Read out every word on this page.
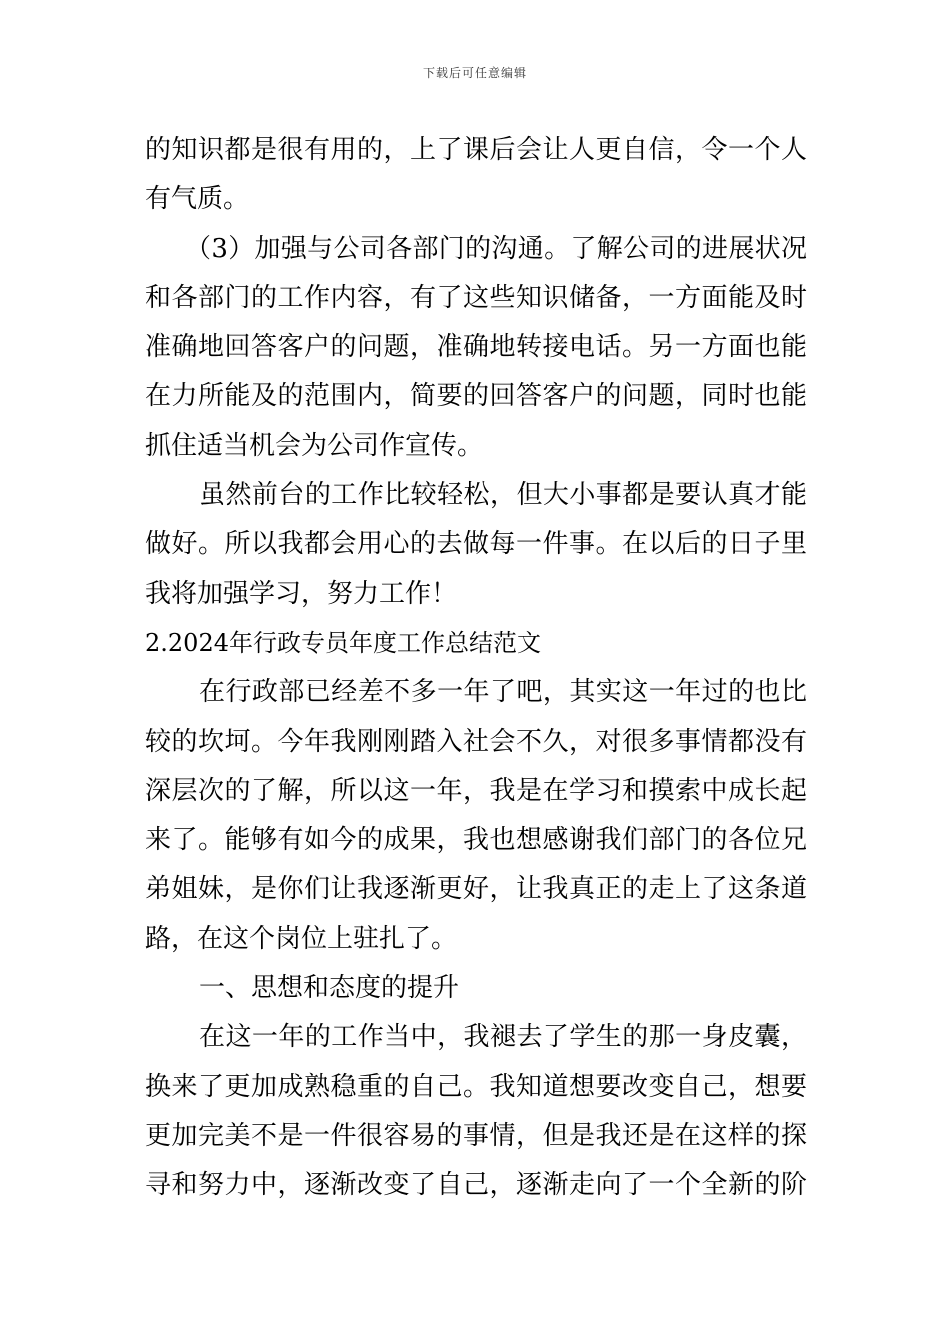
下载后可任意编辑
的知识都是很有用的，上了课后会让人更自信，令一个人
有气质。
（3）加强与公司各部门的沟通。了解公司的进展状况
和各部门的工作内容，有了这些知识储备，一方面能及时
准确地回答客户的问题，准确地转接电话。另一方面也能
在力所能及的范围内，简要的回答客户的问题，同时也能
抓住适当机会为公司作宣传。
虽然前台的工作比较轻松，但大小事都是要认真才能
做好。所以我都会用心的去做每一件事。在以后的日子里
我将加强学习，努力工作！
2.2024年行政专员年度工作总结范文
在行政部已经差不多一年了吧，其实这一年过的也比
较的坎坷。今年我刚刚踏入社会不久，对很多事情都没有
深层次的了解，所以这一年，我是在学习和摸索中成长起
来了。能够有如今的成果，我也想感谢我们部门的各位兄
弟姐妹，是你们让我逐渐更好，让我真正的走上了这条道
路，在这个岗位上驻扎了。
一、思想和态度的提升
在这一年的工作当中，我褪去了学生的那一身皮囊，
换来了更加成熟稳重的自己。我知道想要改变自己，想要
更加完美不是一件很容易的事情，但是我还是在这样的探
寻和努力中，逐渐改变了自己，逐渐走向了一个全新的阶
